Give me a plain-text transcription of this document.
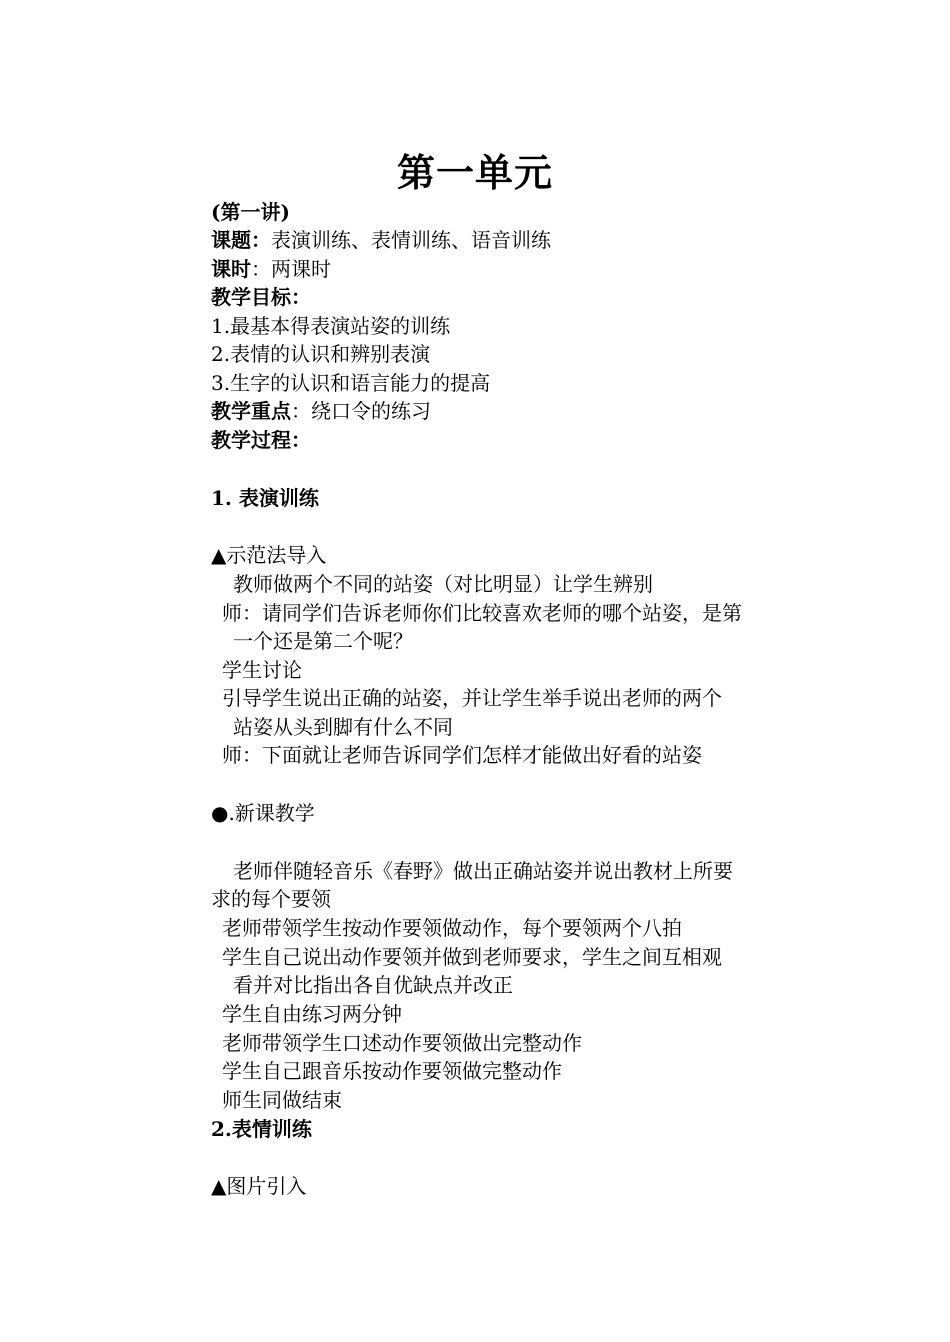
第一单元
(第一讲)
课题：表演训练、表情训练、语音训练
课时：两课时
教学目标：
1.最基本得表演站姿的训练
2.表情的认识和辨别表演
3.生字的认识和语言能力的提高
教学重点：绕口令的练习
教学过程：
1. 表演训练
▲示范法导入
教师做两个不同的站姿（对比明显）让学生辨别
师：请同学们告诉老师你们比较喜欢老师的哪个站姿，是第
一个还是第二个呢？
学生讨论
引导学生说出正确的站姿，并让学生举手说出老师的两个
站姿从头到脚有什么不同
师：下面就让老师告诉同学们怎样才能做出好看的站姿
●.新课教学
老师伴随轻音乐《春野》做出正确站姿并说出教材上所要
求的每个要领
老师带领学生按动作要领做动作，每个要领两个八拍
学生自己说出动作要领并做到老师要求，学生之间互相观
看并对比指出各自优缺点并改正
学生自由练习两分钟
老师带领学生口述动作要领做出完整动作
学生自己跟音乐按动作要领做完整动作
师生同做结束
2.表情训练
▲图片引入
